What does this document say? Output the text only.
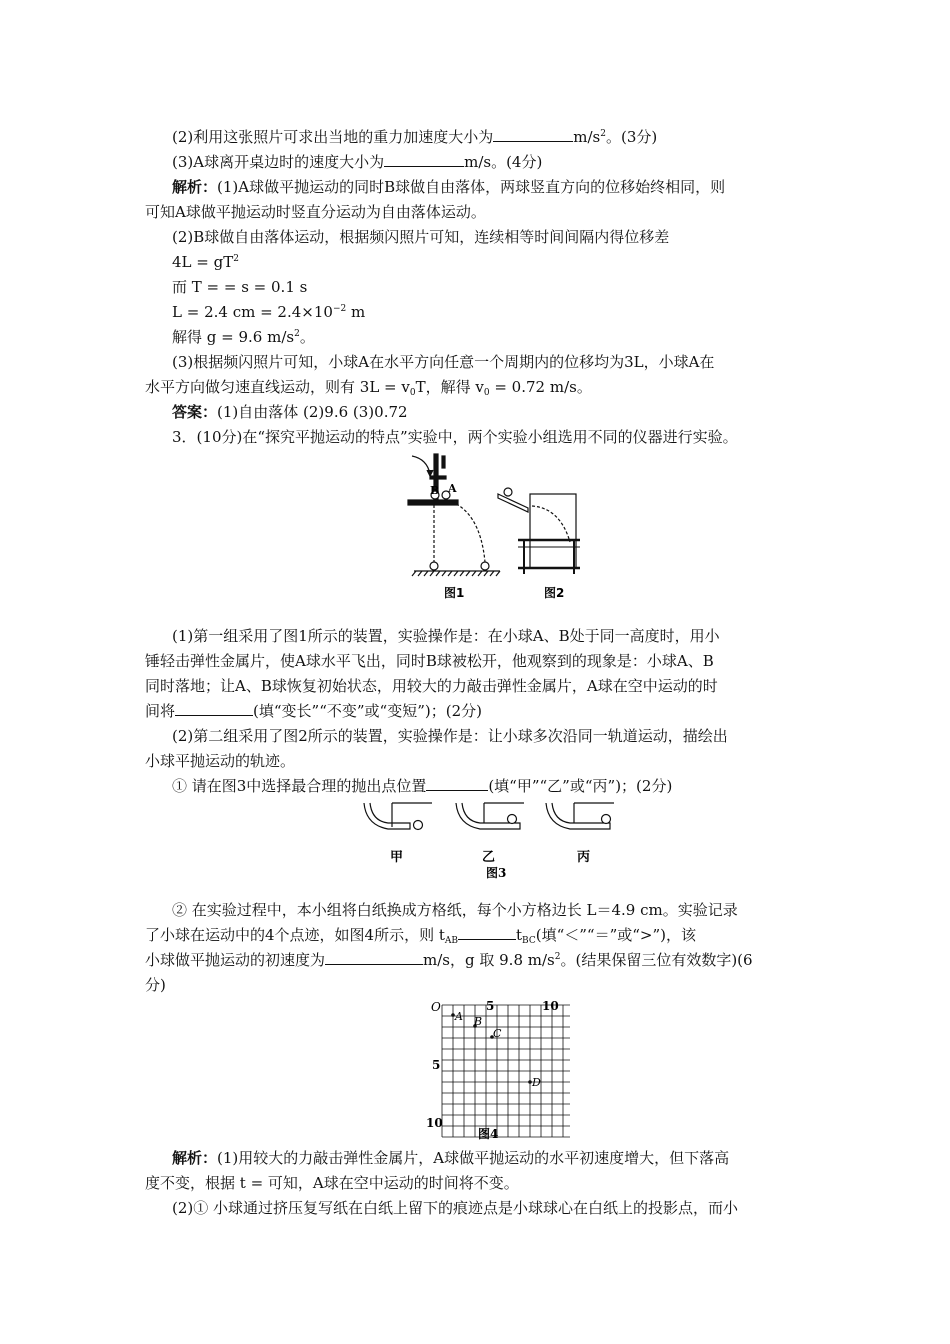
(2)利用这张照片可求出当地的重力加速度大小为	$m/s^2$。(3分)
(3)A球离开桌边时的速度大小为	m/s。(4分)
解析：(1)A球做平抛运动的同时B球做自由落体，两球竖直方向的位移始终相同，则
可知A球做平抛运动时竖直分运动为自由落体运动。
(2)B球做自由落体运动，根据频闪照片可知，连续相等时间间隔内得位移差
$4L = gT^2$
而 T = = s = 0.1 s
L = 2.4 cm = $2.4\times 10^{-2}$ m
解得 g = 9.6 $m/s^2$。
(3)根据频闪照片可知，小球A在水平方向任意一个周期内的位移均为3L，小球A在
水平方向做匀速直线运动，则有 $3L = v_0T$，解得 $v_0 = 0.72$ m/s。
答案：(1)自由落体 (2)9.6 (3)0.72
3．(10分)在“探究平抛运动的特点”实验中，两个实验小组选用不同的仪器进行实验。
B A
图1	图2
(1)第一组采用了图1所示的装置，实验操作是：在小球A、B处于同一高度时，用小
锤轻击弹性金属片，使A球水平飞出，同时B球被松开，他观察到的现象是：小球A、B
同时落地；让A、B球恢复初始状态，用较大的力敲击弹性金属片，A球在空中运动的时
间将	(填“变长”“不变”或“变短”)；(2分)
(2)第二组采用了图2所示的装置，实验操作是：让小球多次沿同一轨道运动，描绘出
小球平抛运动的轨迹。
① 请在图3中选择最合理的抛出点位置	(填“甲”“乙”或“丙”)；(2分)
甲	乙	丙
图3
② 在实验过程中，本小组将白纸换成方格纸，每个小方格边长 L＝4.9 cm。实验记录
了小球在运动中的4个点迹，如图4所示，则 $t_{AB}$	$t_{BC}$(填“＜”“＝”或“>”)，该
小球做平抛运动的初速度为	m/s，g 取 9.8 $m/s^2$。(结果保留三位有效数字)(6
分)
O	5	10
5
10
A B
C
D
图4
解析：(1)用较大的力敲击弹性金属片，A球做平抛运动的水平初速度增大，但下落高
度不变，根据 t = 可知，A球在空中运动的时间将不变。
(2)① 小球通过挤压复写纸在白纸上留下的痕迹点是小球球心在白纸上的投影点，而小
